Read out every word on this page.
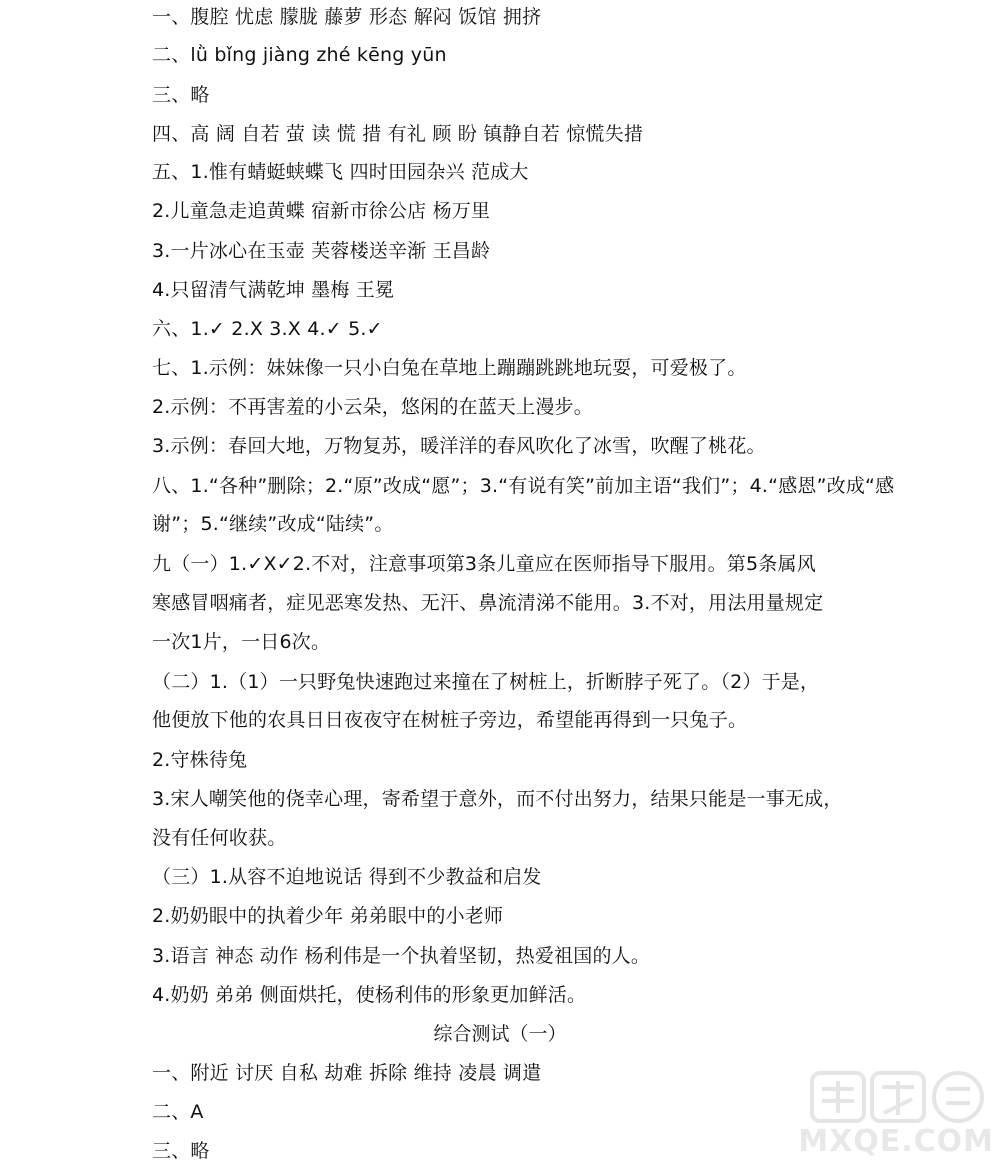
一、腹腔 忧虑 朦胧 藤萝 形态 解闷 饭馆 拥挤
二、lǜ bǐng jiàng zhé kēng yūn
三、略
四、高 阔 自若 萤 读 慌 措 有礼 顾 盼 镇静自若 惊慌失措
五、1.惟有蜻蜓蛱蝶飞 四时田园杂兴 范成大
2.儿童急走追黄蝶 宿新市徐公店 杨万里
3.一片冰心在玉壶 芙蓉楼送辛渐 王昌龄
4.只留清气满乾坤 墨梅 王冕
六、1.✓ 2.X 3.X 4.✓ 5.✓
七、1.示例：妹妹像一只小白兔在草地上蹦蹦跳跳地玩耍，可爱极了。
2.示例：不再害羞的小云朵，悠闲的在蓝天上漫步。
3.示例：春回大地，万物复苏，暖洋洋的春风吹化了冰雪，吹醒了桃花。
八、1.“各种”删除；2.“原”改成“愿”；3.“有说有笑”前加主语“我们”；4.“感恩”改成“感
谢”；5.“继续”改成“陆续”。
九（一）1.✓X✓2.不对，注意事项第3条儿童应在医师指导下服用。第5条属风
寒感冒咽痛者，症见恶寒发热、无汗、鼻流清涕不能用。3.不对，用法用量规定
一次1片，一日6次。
（二）1.（1）一只野兔快速跑过来撞在了树桩上，折断脖子死了。（2）于是，
他便放下他的农具日日夜夜守在树桩子旁边，希望能再得到一只兔子。
2.守株待兔
3.宋人嘲笑他的侥幸心理，寄希望于意外，而不付出努力，结果只能是一事无成，
没有任何收获。
（三）1.从容不迫地说话 得到不少教益和启发
2.奶奶眼中的执着少年 弟弟眼中的小老师
3.语言 神态 动作 杨利伟是一个执着坚韧，热爱祖国的人。
4.奶奶 弟弟 侧面烘托，使杨利伟的形象更加鲜活。
综合测试（一）
一、附近 讨厌 自私 劫难 拆除 维持 凌晨 调遣
二、A
三、略	MXQE.COM
